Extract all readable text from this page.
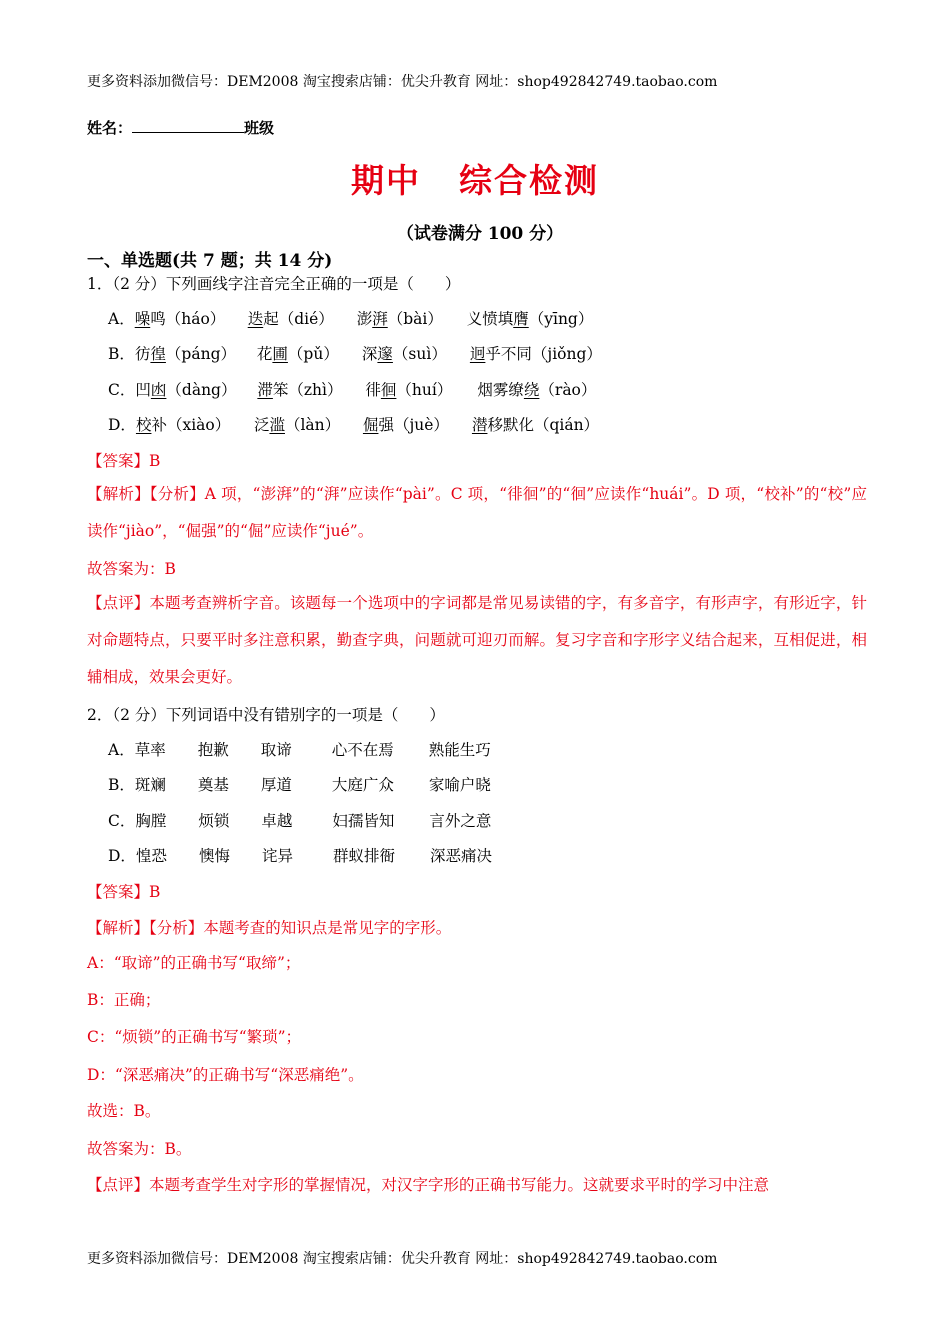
更多资料添加微信号：DEM2008 淘宝搜索店铺：优尖升教育 网址：shop492842749.taobao.com
姓名：	班级
期中 综合检测
（试卷满分 100 分）
一、单选题(共 7 题；共 14 分)
1．（2 分）下列画线字注音完全正确的一项是（　　）
A．噪鸣（háo） 迭起（dié） 澎湃（bài） 义愤填膺（yīng）
B．彷徨（páng） 花圃（pǔ） 深邃（suì） 迥乎不同（jiǒng）
C．凹凼（dàng） 滞笨（zhì） 徘徊（huí） 烟雾缭绕（rào）
D．校补（xiào） 泛滥（làn） 倔强（juè） 潜移默化（qián）
【答案】B
【解析】【分析】A 项，“澎湃”的“湃”应读作“pài”。C 项，“徘徊”的“徊”应读作“huái”。D 项，“校补”的“校”应读作“jiào”，“倔强”的“倔”应读作“jué”。
故答案为：B
【点评】本题考查辨析字音。该题每一个选项中的字词都是常见易读错的字，有多音字，有形声字，有形近字，针对命题特点，只要平时多注意积累，勤查字典，问题就可迎刃而解。复习字音和字形字义结合起来，互相促进，相辅相成，效果会更好。
2．（2 分）下列词语中没有错别字的一项是（　　）
A．草率 抱歉 取谛	心不在焉 熟能生巧
B．斑斓 奠基 厚道	大庭广众 家喻户晓
C．胸膛 烦锁 卓越	妇孺皆知 言外之意
D．惶恐 懊悔 诧异	群蚁排衙 深恶痛决
【答案】B
【解析】【分析】本题考查的知识点是常见字的字形。
A：“取谛”的正确书写“取缔”；
B：正确；
C：“烦锁”的正确书写“繁琐”；
D：“深恶痛决”的正确书写“深恶痛绝”。
故选：B。
故答案为：B。
【点评】本题考查学生对字形的掌握情况，对汉字字形的正确书写能力。这就要求平时的学习中注意
更多资料添加微信号：DEM2008 淘宝搜索店铺：优尖升教育 网址：shop492842749.taobao.com
